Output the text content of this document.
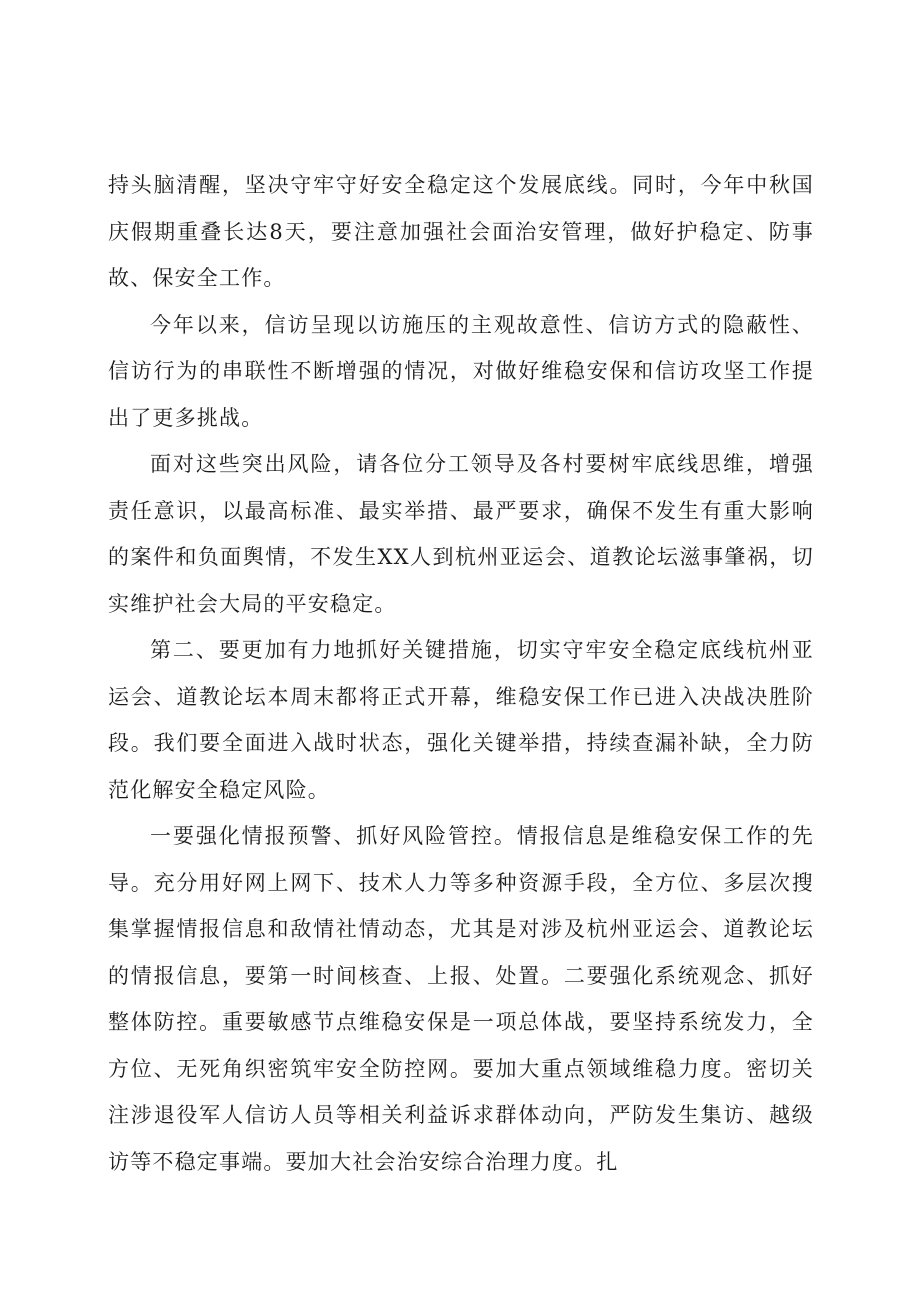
持头脑清醒，坚决守牢守好安全稳定这个发展底线。同时，今年中秋国庆假期重叠长达8天，要注意加强社会面治安管理，做好护稳定、防事故、保安全工作。

今年以来，信访呈现以访施压的主观故意性、信访方式的隐蔽性、信访行为的串联性不断增强的情况，对做好维稳安保和信访攻坚工作提出了更多挑战。

面对这些突出风险，请各位分工领导及各村要树牢底线思维，增强责任意识，以最高标准、最实举措、最严要求，确保不发生有重大影响的案件和负面舆情，不发生XX人到杭州亚运会、道教论坛滋事肇祸，切实维护社会大局的平安稳定。

第二、要更加有力地抓好关键措施，切实守牢安全稳定底线杭州亚运会、道教论坛本周末都将正式开幕，维稳安保工作已进入决战决胜阶段。我们要全面进入战时状态，强化关键举措，持续查漏补缺，全力防范化解安全稳定风险。

一要强化情报预警、抓好风险管控。情报信息是维稳安保工作的先导。充分用好网上网下、技术人力等多种资源手段，全方位、多层次搜集掌握情报信息和敌情社情动态，尤其是对涉及杭州亚运会、道教论坛的情报信息，要第一时间核查、上报、处置。二要强化系统观念、抓好整体防控。重要敏感节点维稳安保是一项总体战，要坚持系统发力，全方位、无死角织密筑牢安全防控网。要加大重点领域维稳力度。密切关注涉退役军人信访人员等相关利益诉求群体动向，严防发生集访、越级访等不稳定事端。要加大社会治安综合治理力度。扎
